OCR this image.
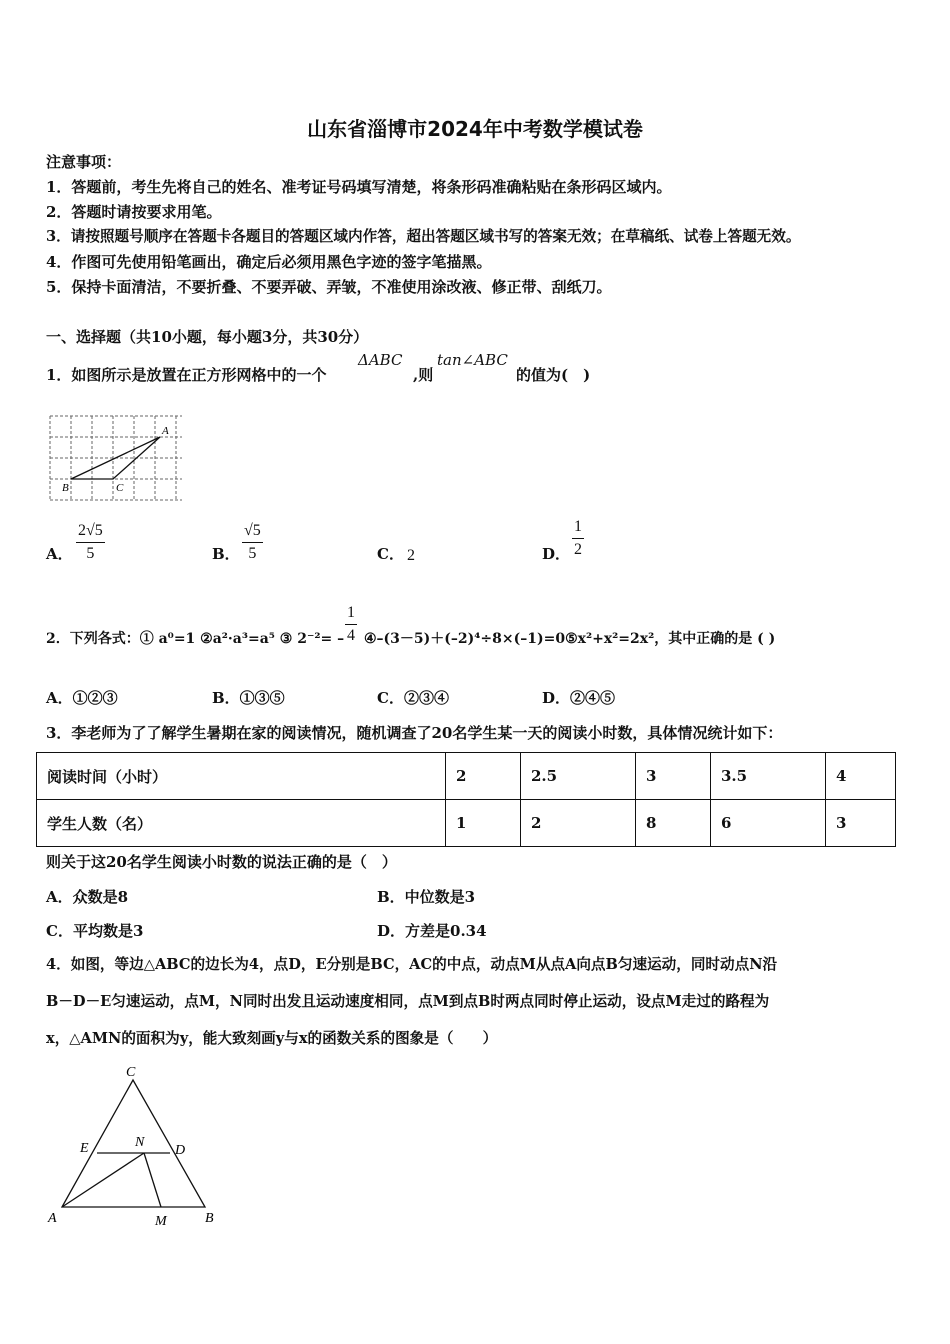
山东省淄博市2024年中考数学模试卷
注意事项：
1．答题前，考生先将自己的姓名、准考证号码填写清楚，将条形码准确粘贴在条形码区域内。
2．答题时请按要求用笔。
3．请按照题号顺序在答题卡各题目的答题区域内作答，超出答题区域书写的答案无效；在草稿纸、试卷上答题无效。
4．作图可先使用铅笔画出，确定后必须用黑色字迹的签字笔描黑。
5．保持卡面清洁，不要折叠、不要弄破、弄皱，不准使用涂改液、修正带、刮纸刀。
一、选择题（共10小题，每小题3分，共30分）
1．如图所示是放置在正方形网格中的一个
ΔABC
,则
tan∠ABC
的值为(　)
A
B	C
A．
2√5
5	B．
√5
5	C． 2	D．
1
2
2．下列各式：① a⁰=1 ②a²·a³=a⁵ ③ 2⁻²= –
1
4 ④–(3－5)＋(–2)⁴÷8×(–1)=0⑤x²+x²=2x²，其中正确的是 ( )
A．①②③	B．①③⑤	C．②③④	D．②④⑤
3．李老师为了了解学生暑期在家的阅读情况，随机调查了20名学生某一天的阅读小时数，具体情况统计如下：
阅读时间（小时）	2	2.5	3	3.5	4
学生人数（名）	1	2	8	6	3
则关于这20名学生阅读小时数的说法正确的是（　）
A．众数是8	B．中位数是3
C．平均数是3	D．方差是0.34
4．如图，等边△ABC的边长为4，点D，E分别是BC，AC的中点，动点M从点A向点B匀速运动，同时动点N沿
B－D－E匀速运动，点M，N同时出发且运动速度相同，点M到点B时两点同时停止运动，设点M走过的路程为
x，△AMN的面积为y，能大致刻画y与x的函数关系的图象是（　　）
C
E	N
D
A	M	B
